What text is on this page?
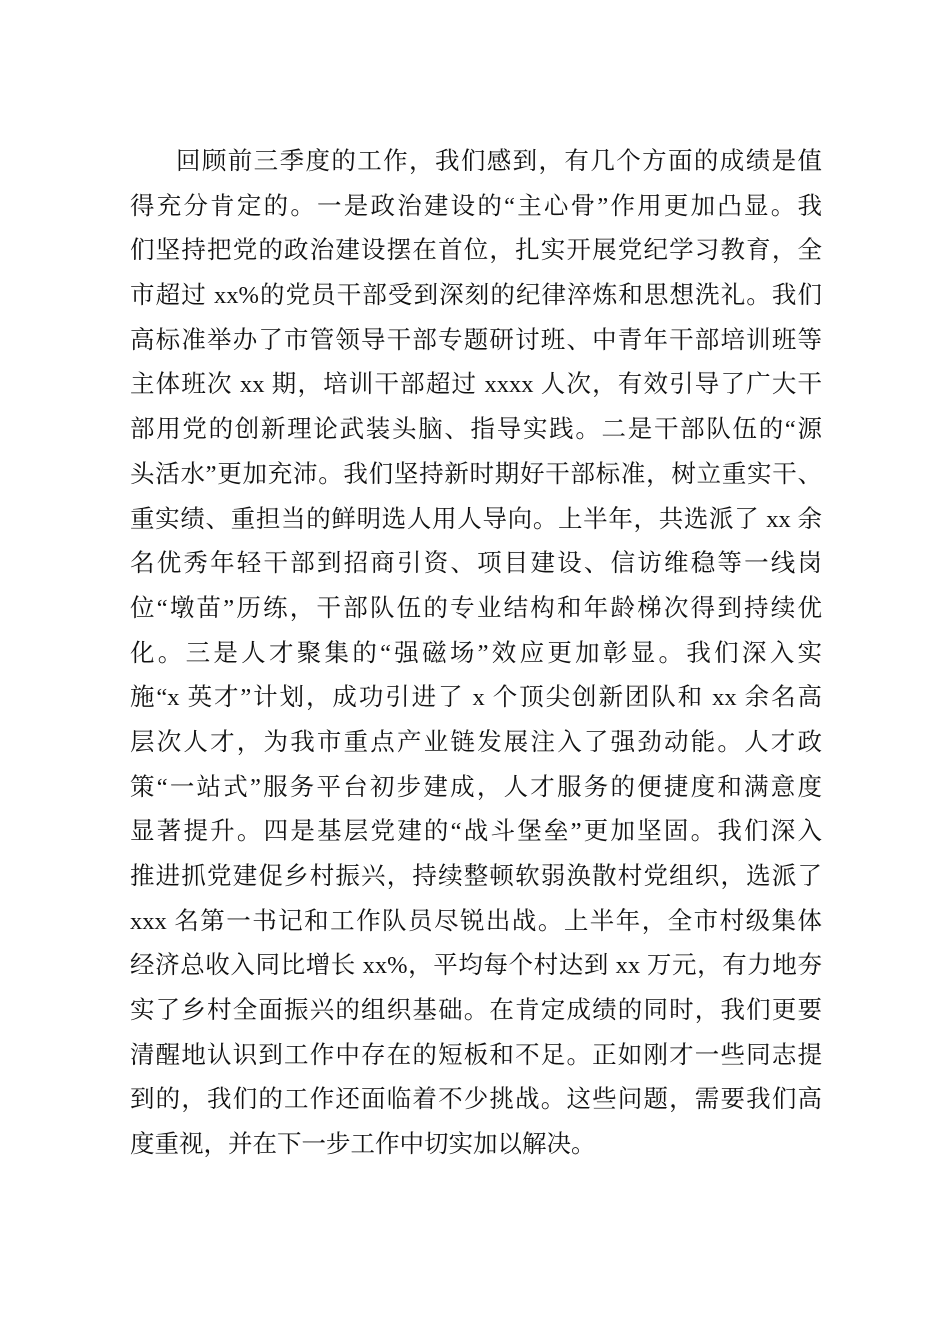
回顾前三季度的工作，我们感到，有几个方面的成绩是值
得充分肯定的。一是政治建设的“主心骨”作用更加凸显。我
们坚持把党的政治建设摆在首位，扎实开展党纪学习教育，全
市超过 xx%的党员干部受到深刻的纪律淬炼和思想洗礼。我们
高标准举办了市管领导干部专题研讨班、中青年干部培训班等
主体班次 xx 期，培训干部超过 xxxx 人次，有效引导了广大干
部用党的创新理论武装头脑、指导实践。二是干部队伍的“源
头活水”更加充沛。我们坚持新时期好干部标准，树立重实干、
重实绩、重担当的鲜明选人用人导向。上半年，共选派了 xx 余
名优秀年轻干部到招商引资、项目建设、信访维稳等一线岗
位“墩苗”历练，干部队伍的专业结构和年龄梯次得到持续优
化。三是人才聚集的“强磁场”效应更加彰显。我们深入实
施“x 英才”计划，成功引进了 x 个顶尖创新团队和 xx 余名高
层次人才，为我市重点产业链发展注入了强劲动能。人才政
策“一站式”服务平台初步建成，人才服务的便捷度和满意度
显著提升。四是基层党建的“战斗堡垒”更加坚固。我们深入
推进抓党建促乡村振兴，持续整顿软弱涣散村党组织，选派了
xxx 名第一书记和工作队员尽锐出战。上半年，全市村级集体
经济总收入同比增长 xx%，平均每个村达到 xx 万元，有力地夯
实了乡村全面振兴的组织基础。在肯定成绩的同时，我们更要
清醒地认识到工作中存在的短板和不足。正如刚才一些同志提
到的，我们的工作还面临着不少挑战。这些问题，需要我们高
度重视，并在下一步工作中切实加以解决。
